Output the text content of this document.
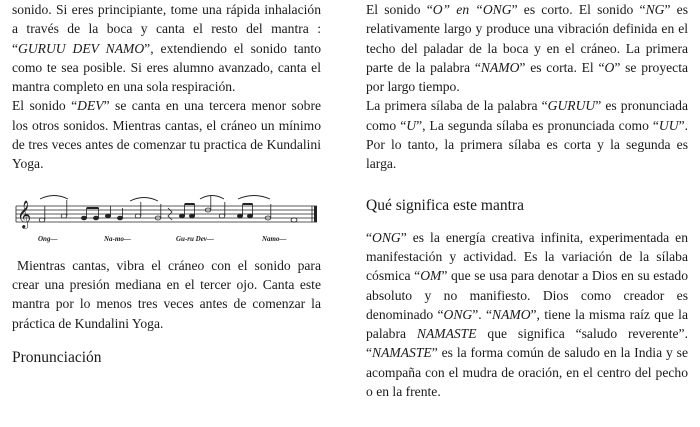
sonido. Si eres principiante, tome una rápida inhalación a través de la boca y canta el resto del mantra : “GURUU DEV NAMO”, extendiendo el sonido tanto como te sea posible. Si eres alumno avanzado, canta el mantra completo en una sola respiración.

El sonido “DEV” se canta en una tercera menor sobre los otros sonidos. Mientras cantas, el cráneo un mínimo de tres veces antes de comenzar tu practica de Kundalini Yoga.

𝄞
Ong—	Na-mo—	Gu-ru Dev—	Namo—

Mientras cantas, vibra el cráneo con el sonido para crear una presión mediana en el tercer ojo. Canta este mantra por lo menos tres veces antes de comenzar la práctica de Kundalini Yoga.

Pronunciación

El sonido “O” en “ONG” es corto. El sonido “NG” es relativamente largo y produce una vibración definida en el techo del paladar de la boca y en el cráneo. La primera parte de la palabra “NAMO” es corta. El “O” se proyecta por largo tiempo.

La primera sílaba de la palabra “GURUU” es pronunciada como “U”, La segunda sílaba es pronunciada como “UU”. Por lo tanto, la primera sílaba es corta y la segunda es larga.

Qué significa este mantra

“ONG” es la energía creativa infinita, experimentada en manifestación y actividad. Es la variación de la sílaba cósmica “OM” que se usa para denotar a Dios en su estado absoluto y no manifiesto. Dios como creador es denominado “ONG”. “NAMO”, tiene la misma raíz que la palabra NAMASTE que significa “saludo reverente”. “NAMASTE” es la forma común de saludo en la India y se acompaña con el mudra de oración, en el centro del pecho o en la frente.
